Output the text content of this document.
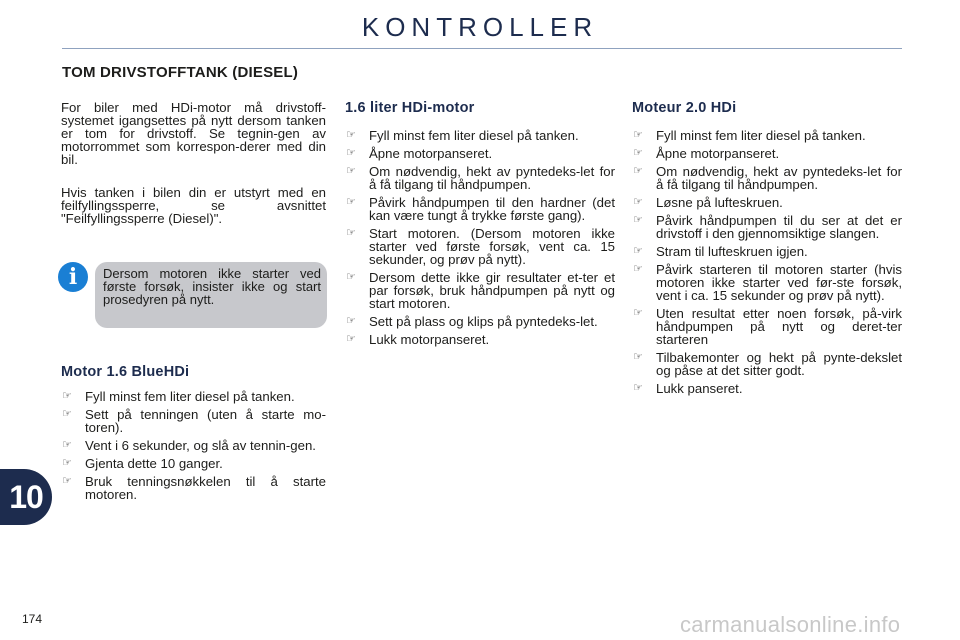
KONTROLLER
TOM DRIVSTOFFTANK (DIESEL)

For biler med HDi-motor må drivstoff-systemet igangsettes på nytt dersom tanken er tom for drivstoff. Se tegnin-gen av motorrommet som korrespon-derer med din bil.

Hvis tanken i bilen din er utstyrt med en feilfyllingssperre, se avsnittet "Feilfyllingssperre (Diesel)".

i	Dersom motoren ikke starter ved første forsøk, insister ikke og start prosedyren på nytt.
Motor 1.6 BlueHDi
☞ Fyll minst fem liter diesel på tanken.
☞ Sett på tenningen (uten å starte mo-toren).
☞ Vent i 6 sekunder, og slå av tennin-gen.
☞ Gjenta dette 10 ganger.
☞ Bruk tenningsnøkkelen til å starte motoren.
1.6 liter HDi-motor
☞ Fyll minst fem liter diesel på tanken.
☞ Åpne motorpanseret.
☞ Om nødvendig, hekt av pyntedeks-let for å få tilgang til håndpumpen.
☞ Påvirk håndpumpen til den hardner (det kan være tungt å trykke første gang).
☞ Start motoren. (Dersom motoren ikke starter ved første forsøk, vent ca. 15 sekunder, og prøv på nytt).
☞ Dersom dette ikke gir resultater et-ter et par forsøk, bruk håndpumpen på nytt og start motoren.
☞ Sett på plass og klips på pyntedeks-let.
☞ Lukk motorpanseret.
Moteur 2.0 HDi
☞ Fyll minst fem liter diesel på tanken.
☞ Åpne motorpanseret.
☞ Om nødvendig, hekt av pyntedeks-let for å få tilgang til håndpumpen.
☞ Løsne på lufteskruen.
☞ Påvirk håndpumpen til du ser at det er drivstoff i den gjennomsiktige slangen.
☞ Stram til lufteskruen igjen.
☞ Påvirk starteren til motoren starter (hvis motoren ikke starter ved før-ste forsøk, vent i ca. 15 sekunder og prøv på nytt).
☞ Uten resultat etter noen forsøk, på-virk håndpumpen på nytt og deret-ter starteren
☞ Tilbakemonter og hekt på pynte-dekslet og påse at det sitter godt.
☞ Lukk panseret.
10
174	carmanualsonline.info
